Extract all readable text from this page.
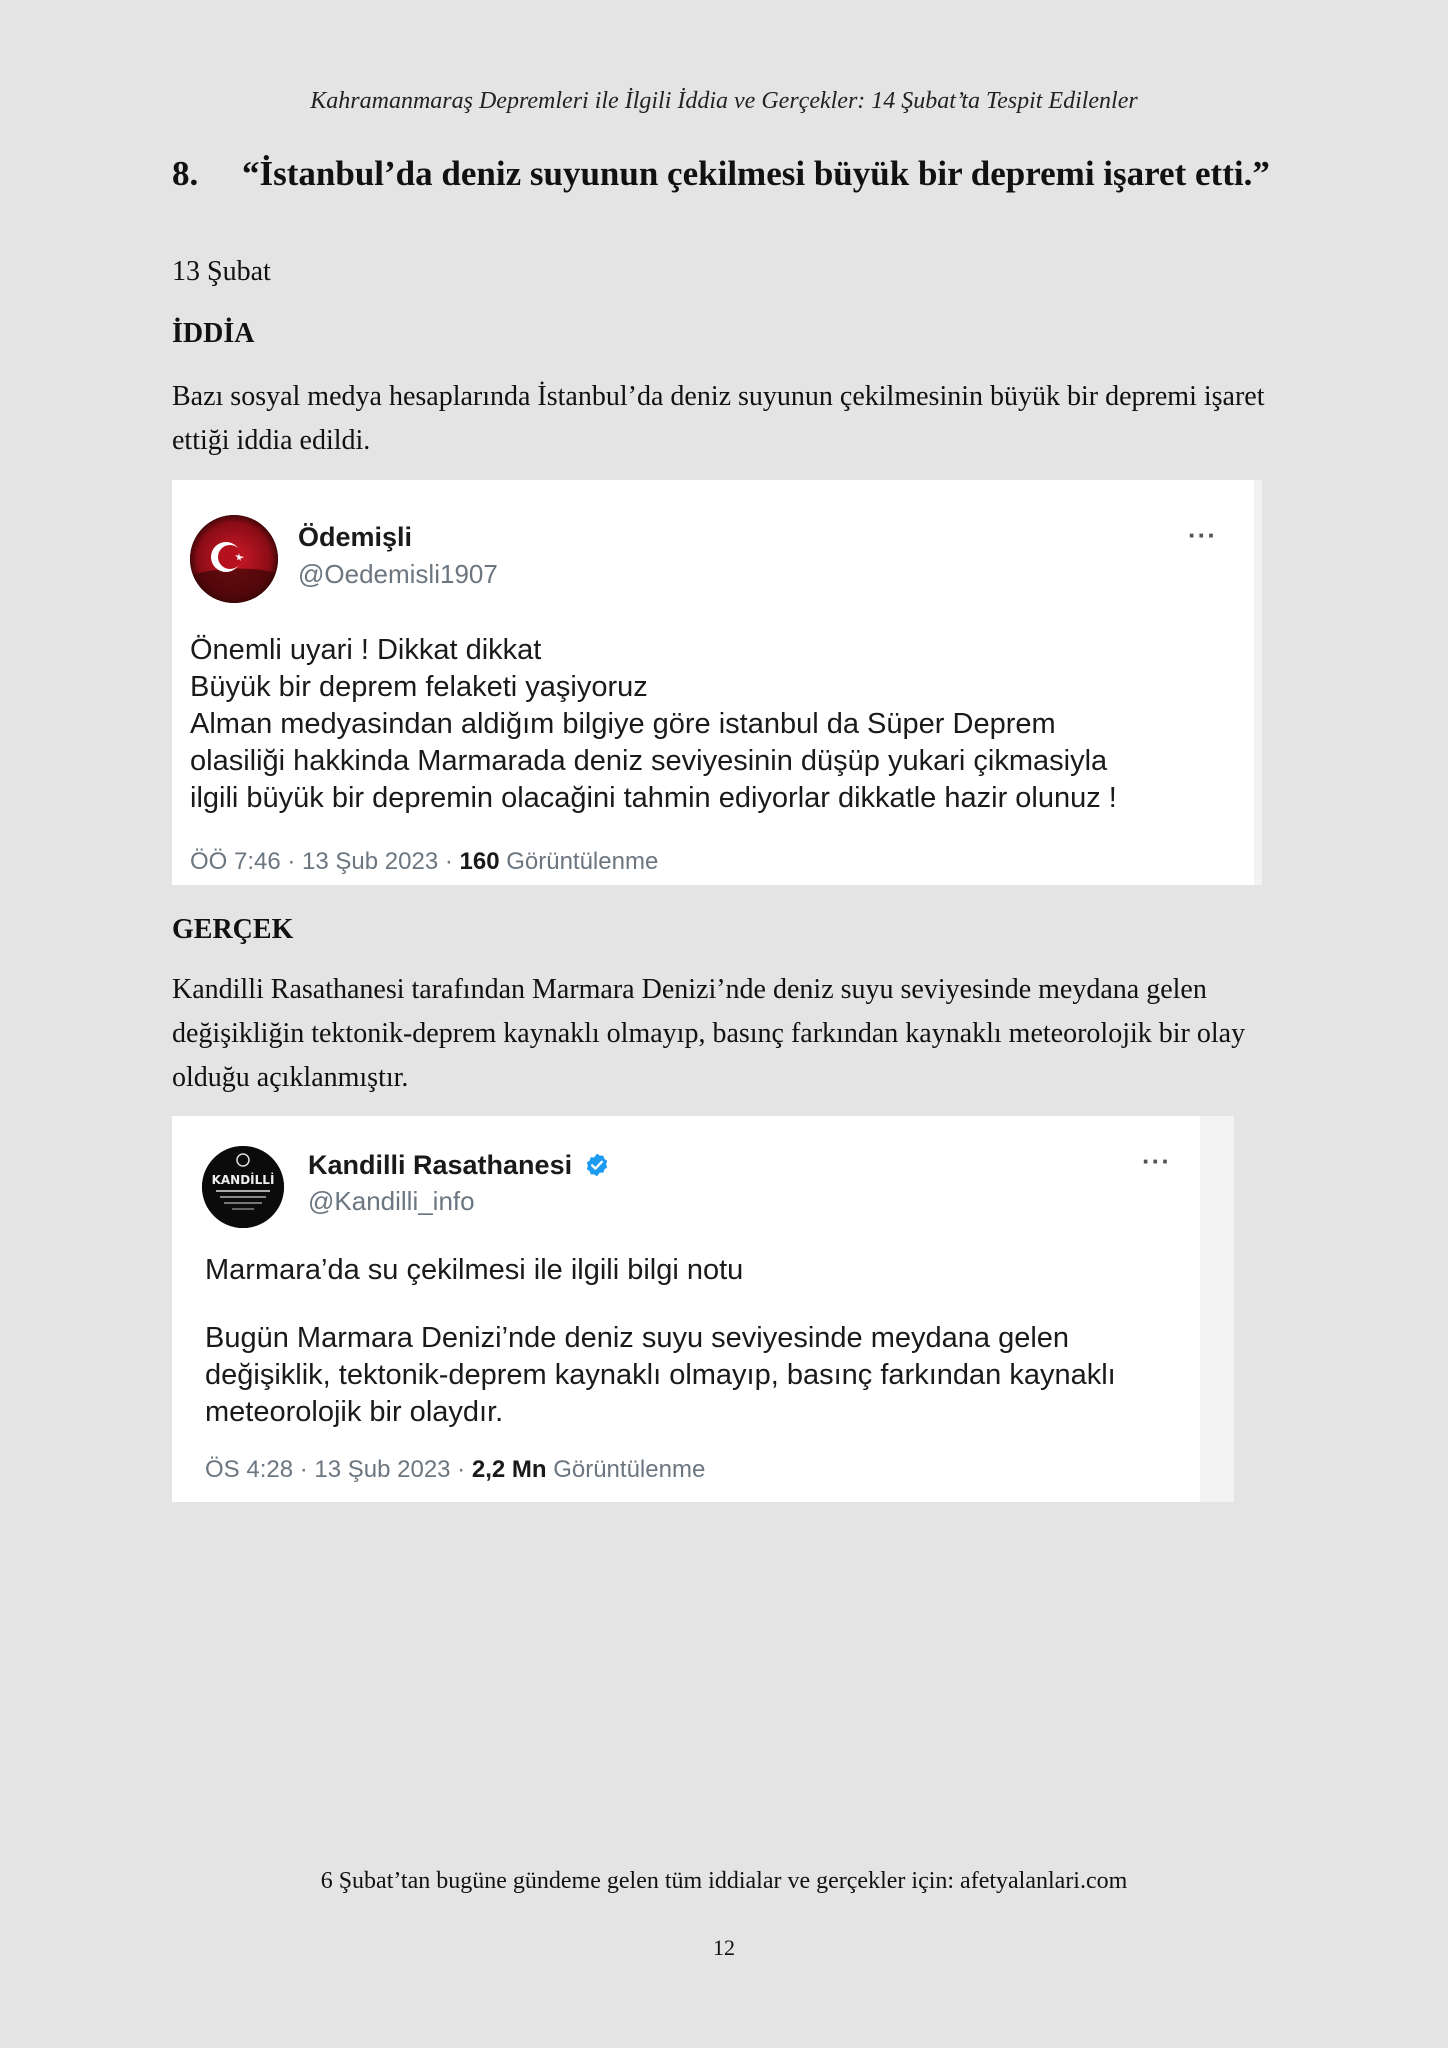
Kahramanmaraş Depremleri ile İlgili İddia ve Gerçekler: 14 Şubat’ta Tespit Edilenler
8.	“İstanbul’da deniz suyunun çekilmesi büyük bir depremi işaret etti.”
13 Şubat
İDDİA
Bazı sosyal medya hesaplarında İstanbul’da deniz suyunun çekilmesinin büyük bir depremi işaret ettiği iddia edildi.
Ödemişli
@Oedemisli1907
···
Önemli uyari ! Dikkat dikkat
Büyük bir deprem felaketi yaşiyoruz
Alman medyasindan aldiğım bilgiye göre istanbul da Süper Deprem
olasiliği hakkinda Marmarada deniz seviyesinin düşüp yukari çikmasiyla
ilgili büyük bir depremin olacağini tahmin ediyorlar dikkatle hazir olunuz !
ÖÖ 7:46 · 13 Şub 2023 · 160 Görüntülenme
GERÇEK
Kandilli Rasathanesi tarafından Marmara Denizi’nde deniz suyu seviyesinde meydana gelen değişikliğin tektonik-deprem kaynaklı olmayıp, basınç farkından kaynaklı meteorolojik bir olay olduğu açıklanmıştır.
KANDİLLİ Kandilli Rasathanesi
@Kandilli_info
···
Marmara’da su çekilmesi ile ilgili bilgi notu
Bugün Marmara Denizi’nde deniz suyu seviyesinde meydana gelen
değişiklik, tektonik-deprem kaynaklı olmayıp, basınç farkından kaynaklı
meteorolojik bir olaydır.
ÖS 4:28 · 13 Şub 2023 · 2,2 Mn Görüntülenme
6 Şubat’tan bugüne gündeme gelen tüm iddialar ve gerçekler için: afetyalanlari.com
12
